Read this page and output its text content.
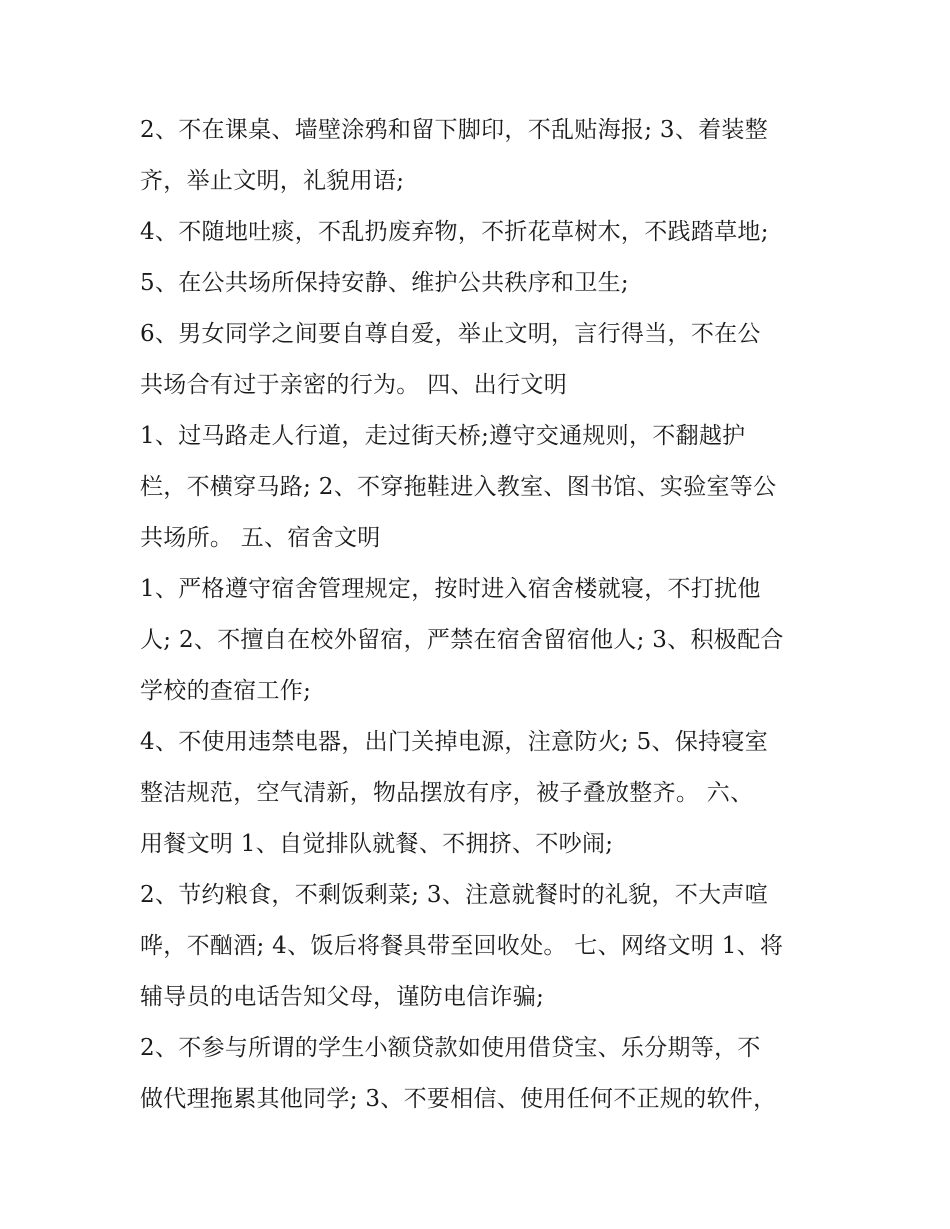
2、不在课桌、墙壁涂鸦和留下脚印，不乱贴海报; 3、着装整

齐，举止文明，礼貌用语;

4、不随地吐痰，不乱扔废弃物，不折花草树木，不践踏草地;

5、在公共场所保持安静、维护公共秩序和卫生;

6、男女同学之间要自尊自爱，举止文明，言行得当，不在公

共场合有过于亲密的行为。 四、出行文明

1、过马路走人行道，走过街天桥;遵守交通规则，不翻越护

栏，不横穿马路; 2、不穿拖鞋进入教室、图书馆、实验室等公

共场所。 五、宿舍文明

1、严格遵守宿舍管理规定，按时进入宿舍楼就寝，不打扰他

人; 2、不擅自在校外留宿，严禁在宿舍留宿他人; 3、积极配合

学校的查宿工作;

4、不使用违禁电器，出门关掉电源，注意防火; 5、保持寝室

整洁规范，空气清新，物品摆放有序，被子叠放整齐。 六、

用餐文明 1、自觉排队就餐、不拥挤、不吵闹;

2、节约粮食，不剩饭剩菜; 3、注意就餐时的礼貌，不大声喧

哗，不酗酒; 4、饭后将餐具带至回收处。 七、网络文明 1、将

辅导员的电话告知父母，谨防电信诈骗;

2、不参与所谓的学生小额贷款如使用借贷宝、乐分期等，不

做代理拖累其他同学; 3、不要相信、使用任何不正规的软件，
